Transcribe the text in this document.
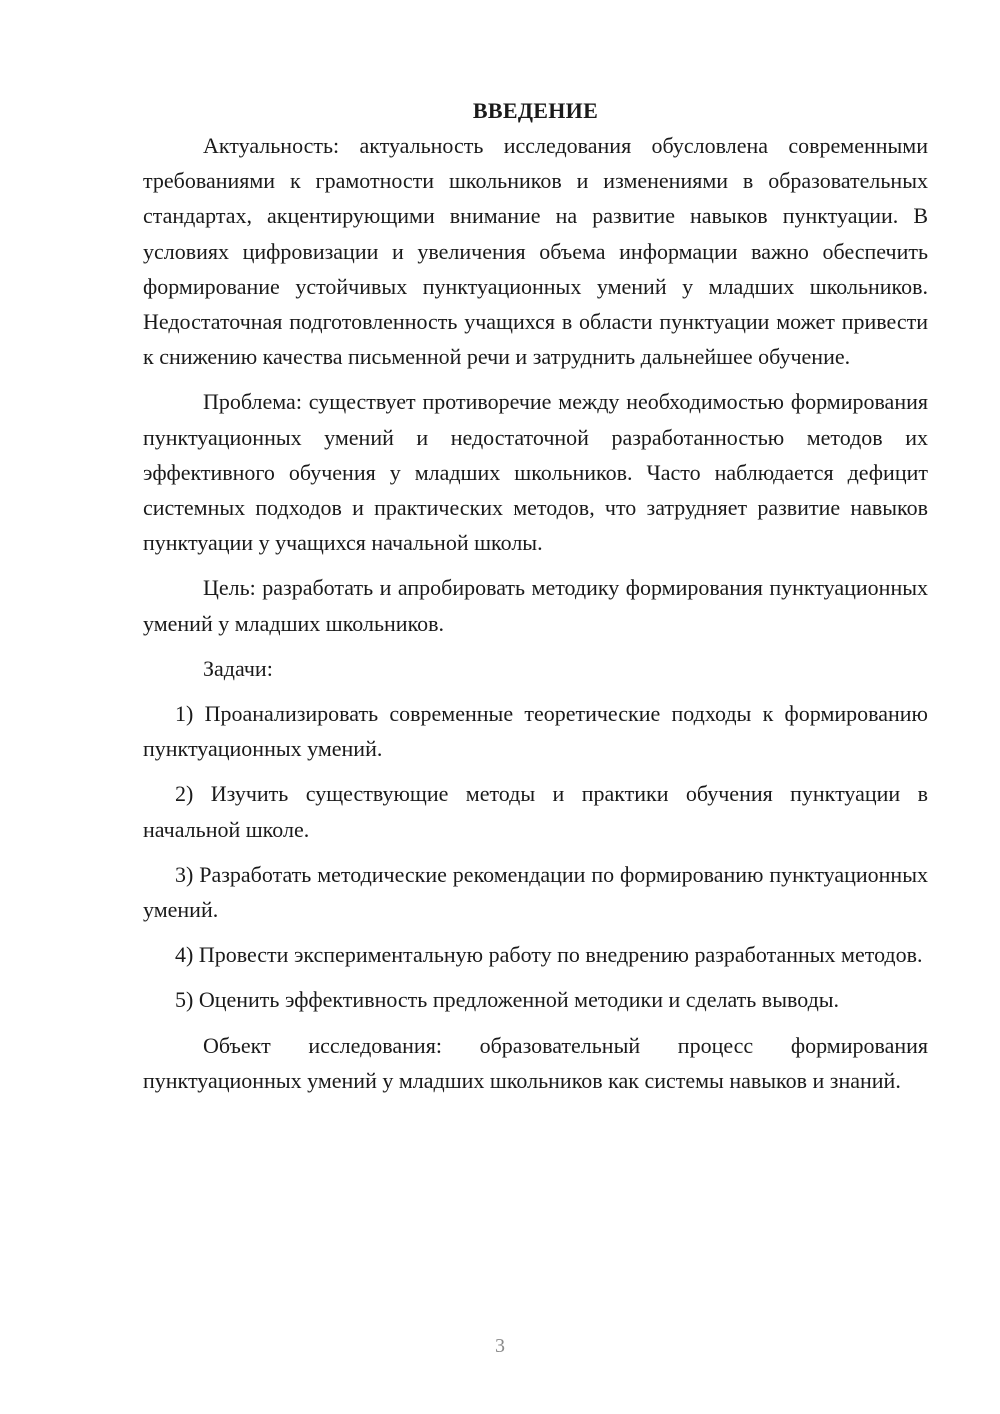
ВВЕДЕНИЕ

Актуальность: актуальность исследования обусловлена современными требованиями к грамотности школьников и изменениями в образовательных стандартах, акцентирующими внимание на развитие навыков пунктуации. В условиях цифровизации и увеличения объема информации важно обеспечить формирование устойчивых пунктуационных умений у младших школьников. Недостаточная подготовленность учащихся в области пунктуации может привести к снижению качества письменной речи и затруднить дальнейшее обучение.

Проблема: существует противоречие между необходимостью формирования пунктуационных умений и недостаточной разработанностью методов их эффективного обучения у младших школьников. Часто наблюдается дефицит системных подходов и практических методов, что затрудняет развитие навыков пунктуации у учащихся начальной школы.

Цель: разработать и апробировать методику формирования пунктуационных умений у младших школьников.

Задачи:

1) Проанализировать современные теоретические подходы к формированию пунктуационных умений.

2) Изучить существующие методы и практики обучения пунктуации в начальной школе.

3) Разработать методические рекомендации по формированию пунктуационных умений.

4) Провести экспериментальную работу по внедрению разработанных методов.

5) Оценить эффективность предложенной методики и сделать выводы.

Объект исследования: образовательный процесс формирования пунктуационных умений у младших школьников как системы навыков и знаний.

3
